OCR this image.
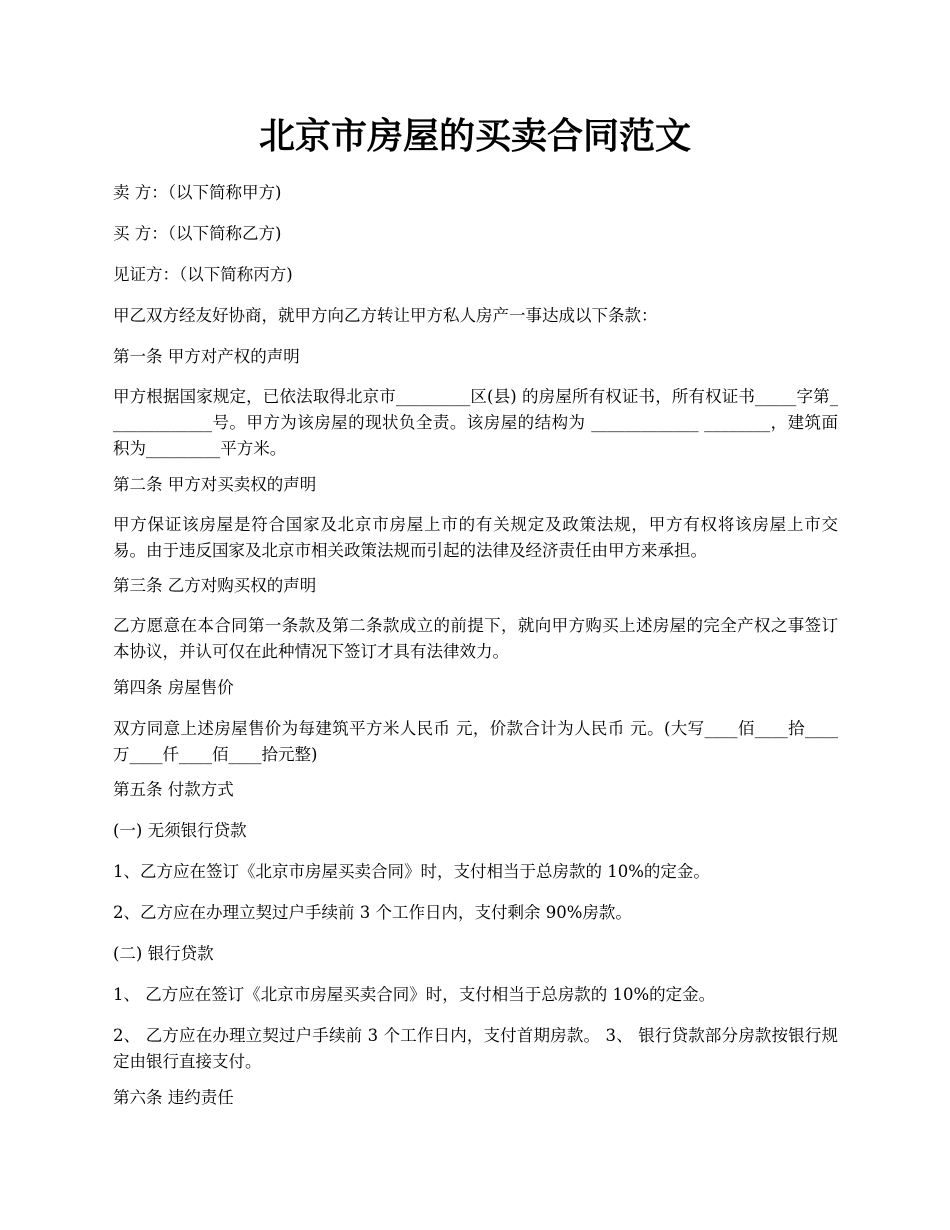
北京市房屋的买卖合同范文
卖 方：（以下简称甲方)
买 方：（以下简称乙方)
见证方：（以下简称丙方)
甲乙双方经友好协商，就甲方向乙方转让甲方私人房产一事达成以下条款：
第一条 甲方对产权的声明
甲方根据国家规定，已依法取得北京市_________区(县) 的房屋所有权证书，所有权证书_____字第_____________号。甲方为该房屋的现状负全责。该房屋的结构为 _____________ ________，建筑面积为_________平方米。
第二条 甲方对买卖权的声明
甲方保证该房屋是符合国家及北京市房屋上市的有关规定及政策法规，甲方有权将该房屋上市交易。由于违反国家及北京市相关政策法规而引起的法律及经济责任由甲方来承担。
第三条 乙方对购买权的声明
乙方愿意在本合同第一条款及第二条款成立的前提下，就向甲方购买上述房屋的完全产权之事签订本协议，并认可仅在此种情况下签订才具有法律效力。
第四条 房屋售价
双方同意上述房屋售价为每建筑平方米人民币 元，价款合计为人民币 元。(大写____佰____拾____万____仟____佰____拾元整)
第五条 付款方式
(一) 无须银行贷款
1、乙方应在签订《北京市房屋买卖合同》时，支付相当于总房款的 10%的定金。
2、乙方应在办理立契过户手续前 3 个工作日内，支付剩余 90%房款。
(二) 银行贷款
1、 乙方应在签订《北京市房屋买卖合同》时，支付相当于总房款的 10%的定金。
2、 乙方应在办理立契过户手续前 3 个工作日内，支付首期房款。 3、 银行贷款部分房款按银行规定由银行直接支付。
第六条 违约责任
